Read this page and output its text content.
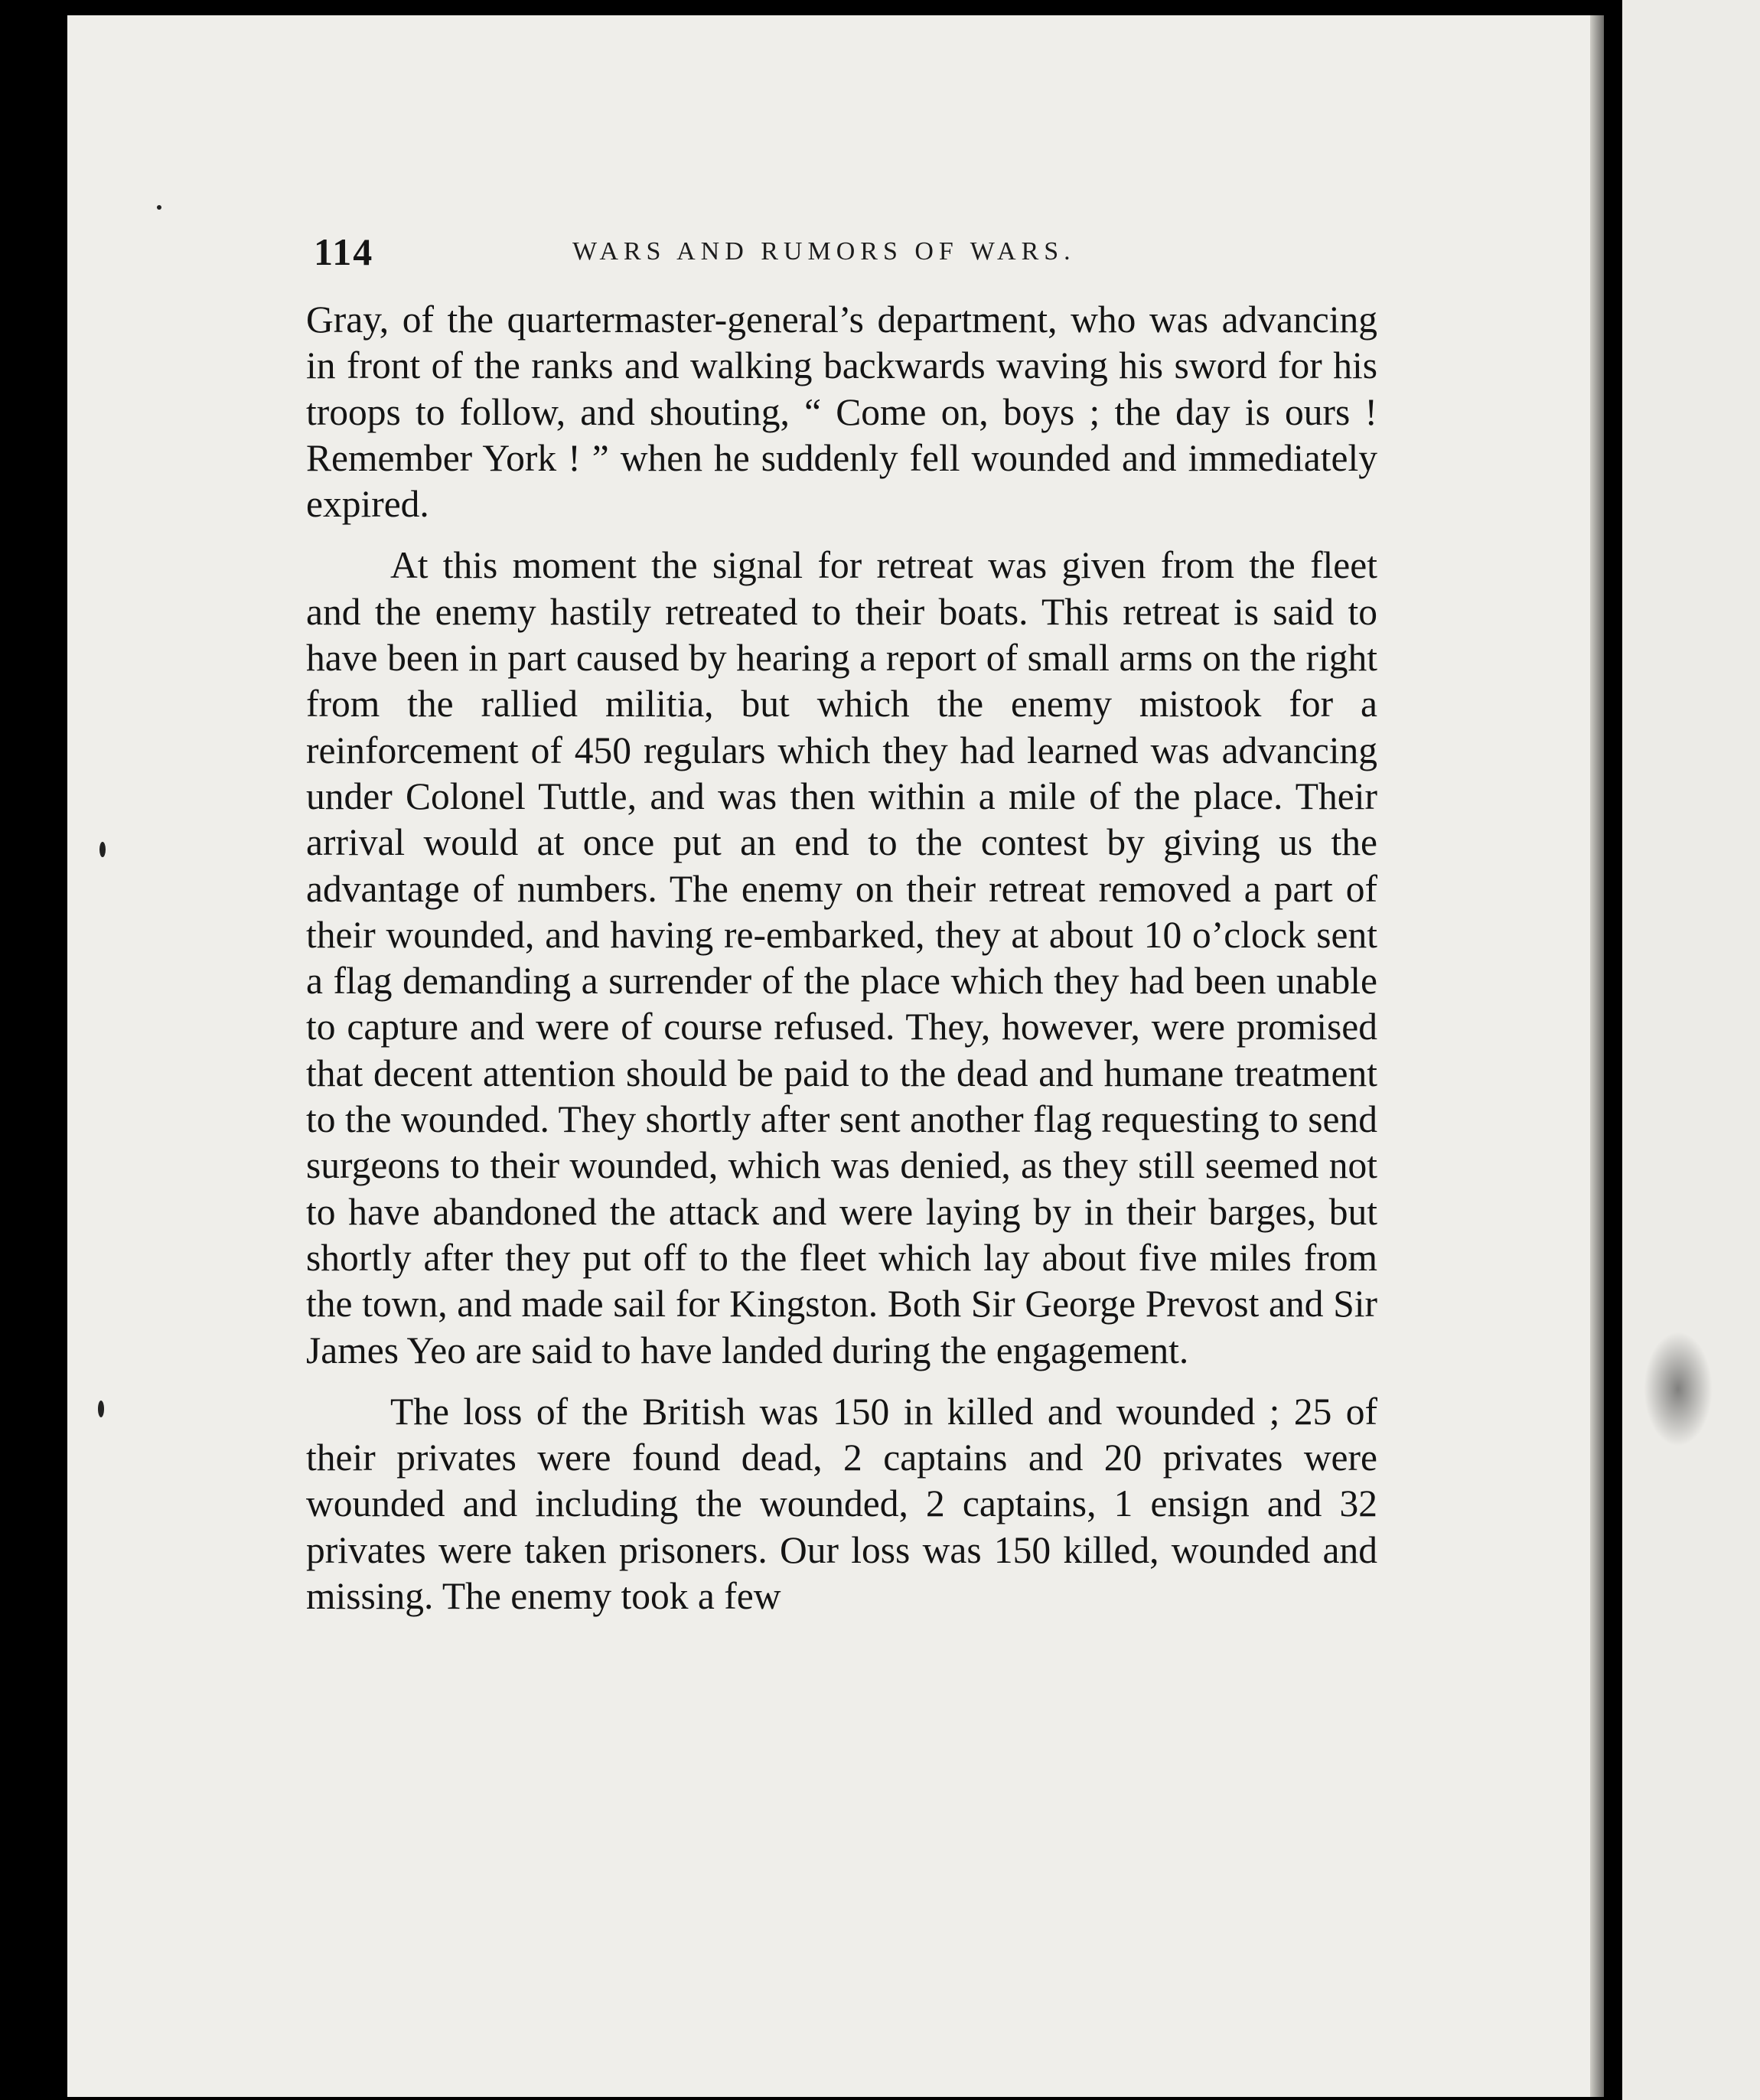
114	WARS AND RUMORS OF WARS.

Gray, of the quartermaster-general’s department, who was advancing in front of the ranks and walking backwards waving his sword for his troops to follow, and shouting, “ Come on, boys ; the day is ours ! Remember York ! ” when he suddenly fell wounded and immediately expired.

At this moment the signal for retreat was given from the fleet and the enemy hastily retreated to their boats. This retreat is said to have been in part caused by hearing a report of small arms on the right from the rallied militia, but which the enemy mistook for a reinforcement of 450 regulars which they had learned was advancing under Colonel Tuttle, and was then within a mile of the place. Their arrival would at once put an end to the contest by giving us the advantage of numbers. The enemy on their retreat removed a part of their wounded, and having re-embarked, they at about 10 o’clock sent a flag demanding a surrender of the place which they had been unable to capture and were of course refused. They, however, were promised that decent attention should be paid to the dead and humane treatment to the wounded. They shortly after sent another flag requesting to send surgeons to their wounded, which was denied, as they still seemed not to have abandoned the attack and were laying by in their barges, but shortly after they put off to the fleet which lay about five miles from the town, and made sail for Kingston. Both Sir George Prevost and Sir James Yeo are said to have landed during the engagement.

The loss of the British was 150 in killed and wounded ; 25 of their privates were found dead, 2 captains and 20 privates were wounded and including the wounded, 2 captains, 1 ensign and 32 privates were taken prisoners. Our loss was 150 killed, wounded and missing. The enemy took a few
